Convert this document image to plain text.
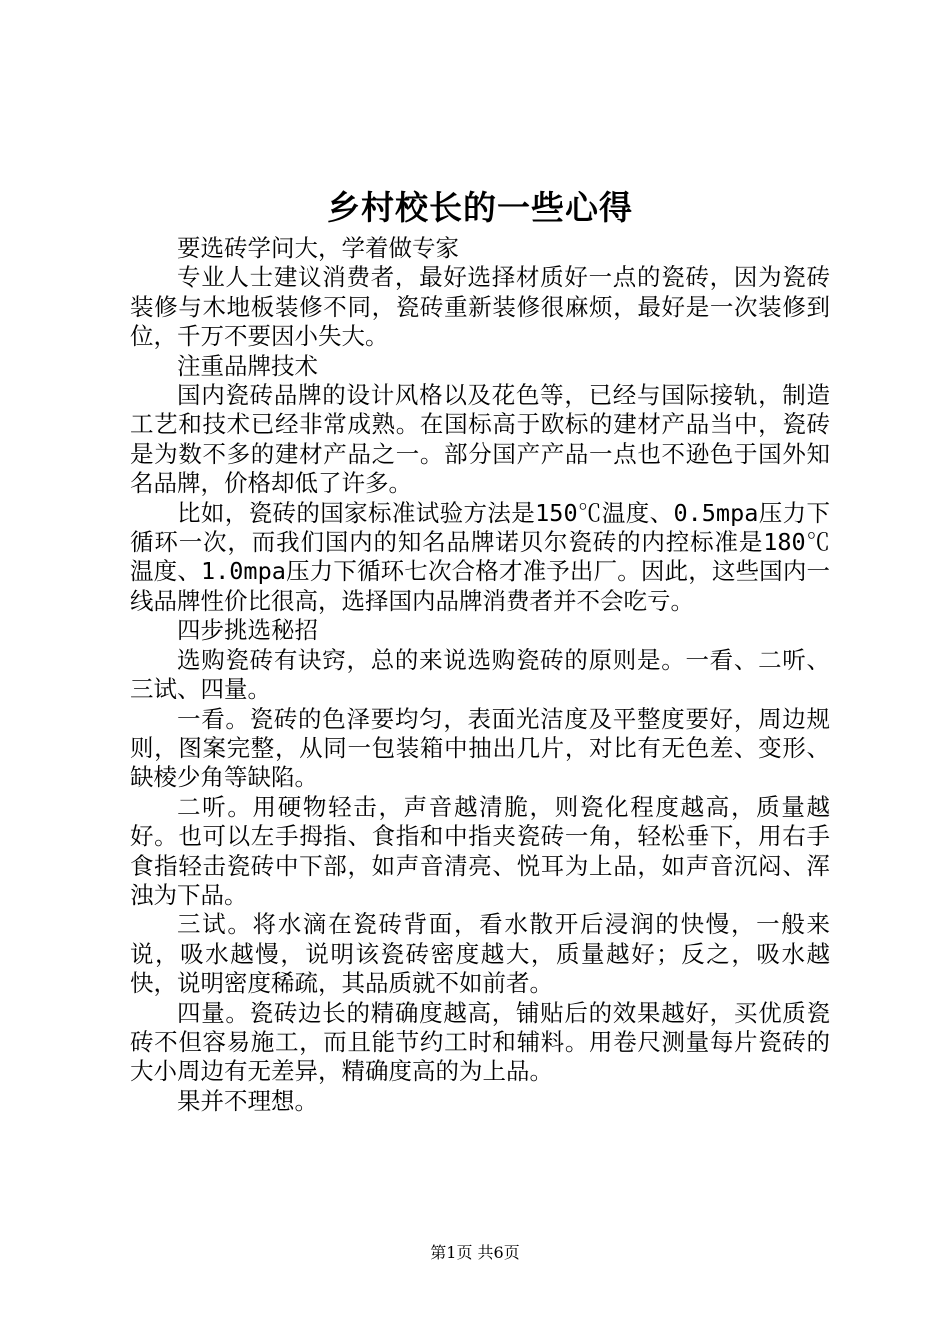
乡村校长的一些心得

要选砖学问大，学着做专家

专业人士建议消费者，最好选择材质好一点的瓷砖，因为瓷砖装修与木地板装修不同，瓷砖重新装修很麻烦，最好是一次装修到位，千万不要因小失大。

注重品牌技术

国内瓷砖品牌的设计风格以及花色等，已经与国际接轨，制造工艺和技术已经非常成熟。在国标高于欧标的建材产品当中，瓷砖是为数不多的建材产品之一。部分国产产品一点也不逊色于国外知名品牌，价格却低了许多。

比如，瓷砖的国家标准试验方法是150℃温度、0.5mpa压力下循环一次，而我们国内的知名品牌诺贝尔瓷砖的内控标准是180℃温度、1.0mpa压力下循环七次合格才准予出厂。因此，这些国内一线品牌性价比很高，选择国内品牌消费者并不会吃亏。

四步挑选秘招

选购瓷砖有诀窍，总的来说选购瓷砖的原则是。一看、二听、三试、四量。

一看。瓷砖的色泽要均匀，表面光洁度及平整度要好，周边规则，图案完整，从同一包装箱中抽出几片，对比有无色差、变形、缺棱少角等缺陷。

二听。用硬物轻击，声音越清脆，则瓷化程度越高，质量越好。也可以左手拇指、食指和中指夹瓷砖一角，轻松垂下，用右手食指轻击瓷砖中下部，如声音清亮、悦耳为上品，如声音沉闷、浑浊为下品。

三试。将水滴在瓷砖背面，看水散开后浸润的快慢，一般来说，吸水越慢，说明该瓷砖密度越大，质量越好；反之，吸水越快，说明密度稀疏，其品质就不如前者。

四量。瓷砖边长的精确度越高，铺贴后的效果越好，买优质瓷砖不但容易施工，而且能节约工时和辅料。用卷尺测量每片瓷砖的大小周边有无差异，精确度高的为上品。

果并不理想。

第1页 共6页
